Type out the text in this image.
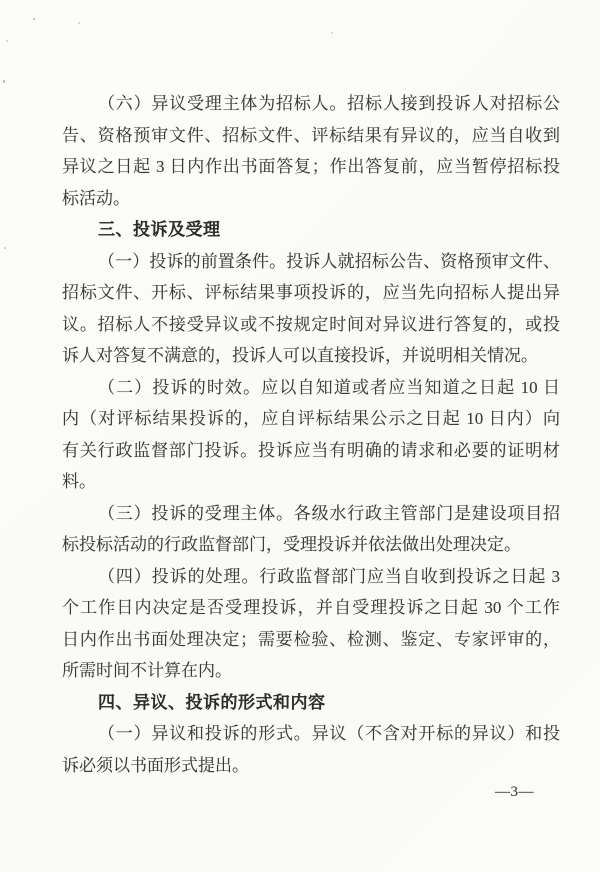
（六）异议受理主体为招标人。招标人接到投诉人对招标公
告、资格预审文件、招标文件、评标结果有异议的，应当自收到
异议之日起 3 日内作出书面答复；作出答复前，应当暂停招标投
标活动。
三、投诉及受理
（一）投诉的前置条件。投诉人就招标公告、资格预审文件、
招标文件、开标、评标结果事项投诉的，应当先向招标人提出异
议。招标人不接受异议或不按规定时间对异议进行答复的，或投
诉人对答复不满意的，投诉人可以直接投诉，并说明相关情况。
（二）投诉的时效。应以自知道或者应当知道之日起 10 日
内（对评标结果投诉的，应自评标结果公示之日起 10 日内）向
有关行政监督部门投诉。投诉应当有明确的请求和必要的证明材
料。
（三）投诉的受理主体。各级水行政主管部门是建设项目招
标投标活动的行政监督部门，受理投诉并依法做出处理决定。
（四）投诉的处理。行政监督部门应当自收到投诉之日起 3
个工作日内决定是否受理投诉，并自受理投诉之日起 30 个工作
日内作出书面处理决定；需要检验、检测、鉴定、专家评审的，
所需时间不计算在内。
四、异议、投诉的形式和内容
（一）异议和投诉的形式。异议（不含对开标的异议）和投
诉必须以书面形式提出。
—3—
